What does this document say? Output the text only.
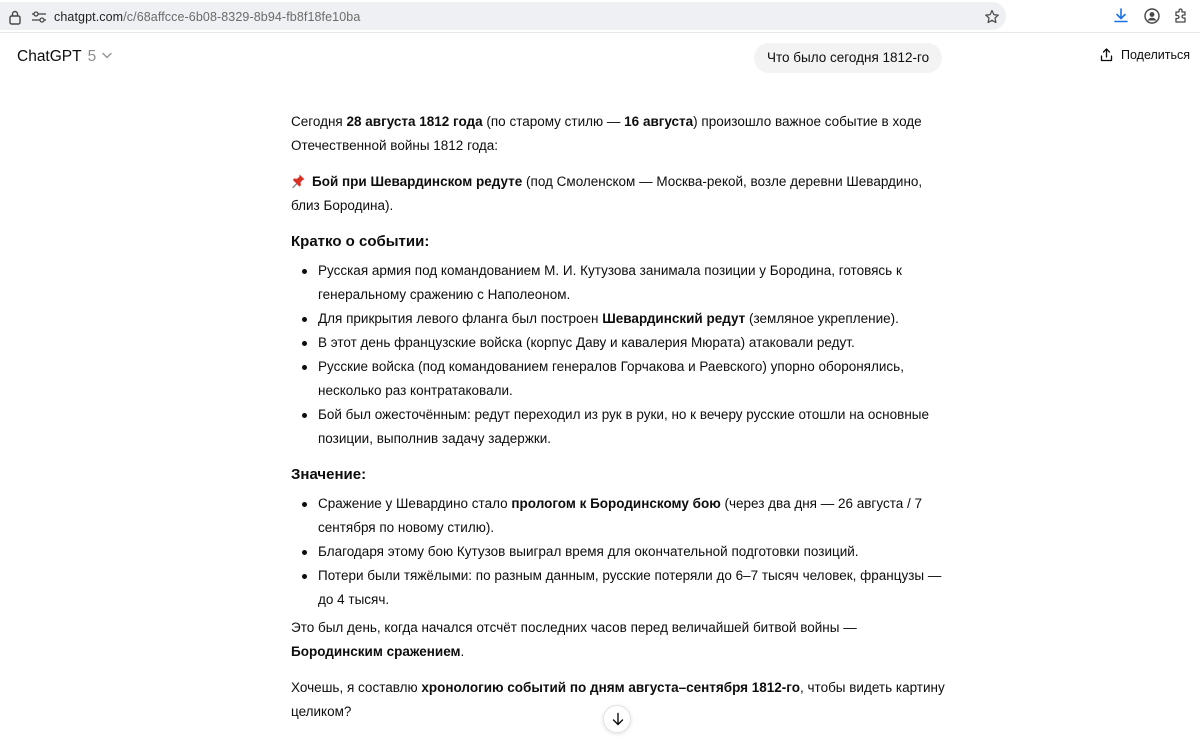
chatgpt.com/c/68affcce-6b08-8329-8b94-fb8f18fe10ba
ChatGPT 5	Что было сегодня 1812-го	Поделиться

Сегодня 28 августа 1812 года (по старому стилю — 16 августа) произошло важное событие в ходе Отечественной войны 1812 года:

Бой при Шевардинском редуте (под Смоленском — Москва-рекой, возле деревни Шевардино, близ Бородина).

Кратко о событии:
Русская армия под командованием М. И. Кутузова занимала позиции у Бородина, готовясь к генеральному сражению с Наполеоном.
Для прикрытия левого фланга был построен Шевардинский редут (земляное укрепление).
В этот день французские войска (корпус Даву и кавалерия Мюрата) атаковали редут.
Русские войска (под командованием генералов Горчакова и Раевского) упорно оборонялись, несколько раз контратаковали.
Бой был ожесточённым: редут переходил из рук в руки, но к вечеру русские отошли на основные позиции, выполнив задачу задержки.
Значение:
Сражение у Шевардино стало прологом к Бородинскому бою (через два дня — 26 августа / 7 сентября по новому стилю).
Благодаря этому бою Кутузов выиграл время для окончательной подготовки позиций.
Потери были тяжёлыми: по разным данным, русские потеряли до 6–7 тысяч человек, французы — до 4 тысяч.

Это был день, когда начался отсчёт последних часов перед величайшей битвой войны — Бородинским сражением.

Хочешь, я составлю хронологию событий по дням августа–сентября 1812-го, чтобы видеть картину целиком?
